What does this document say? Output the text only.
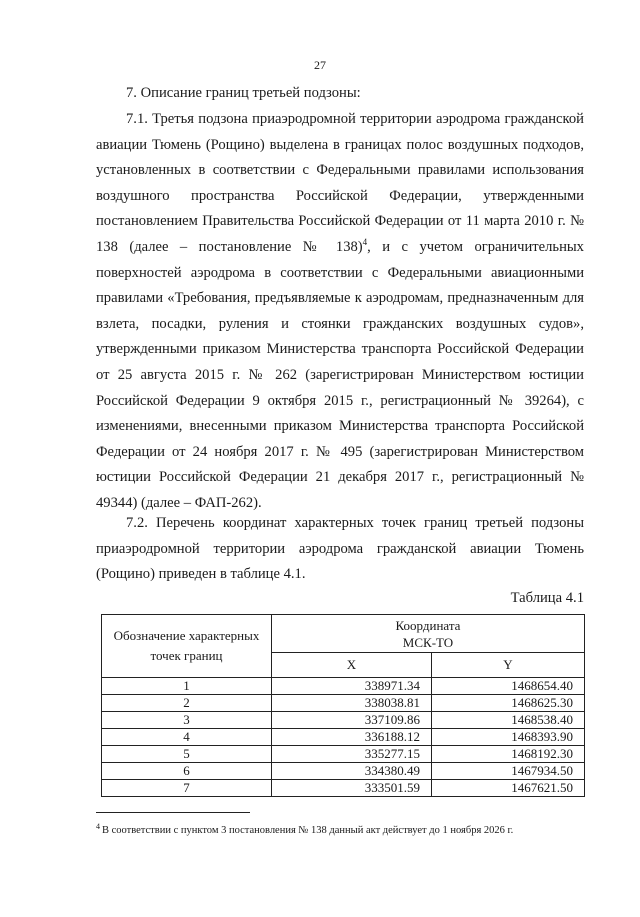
27
7. Описание границ третьей подзоны:
7.1. Третья подзона приаэродромной территории аэродрома гражданской авиации Тюмень (Рощино) выделена в границах полос воздушных подходов, установленных в соответствии с Федеральными правилами использования воздушного пространства Российской Федерации, утвержденными постановлением Правительства Российской Федерации от 11 марта 2010 г. № 138 (далее – постановление № 138)$^4$, и с учетом ограничительных поверхностей аэродрома в соответствии с Федеральными авиационными правилами «Требования, предъявляемые к аэродромам, предназначенным для взлета, посадки, руления и стоянки гражданских воздушных судов», утвержденными приказом Министерства транспорта Российской Федерации от 25 августа 2015 г. № 262 (зарегистрирован Министерством юстиции Российской Федерации 9 октября 2015 г., регистрационный № 39264), с изменениями, внесенными приказом Министерства транспорта Российской Федерации от 24 ноября 2017 г. № 495 (зарегистрирован Министерством юстиции Российской Федерации 21 декабря 2017 г., регистрационный № 49344) (далее – ФАП-262).
7.2. Перечень координат характерных точек границ третьей подзоны приаэродромной территории аэродрома гражданской авиации Тюмень (Рощино) приведен в таблице 4.1.
Таблица 4.1
Обозначение характерных точек границ	Координата
МСК-ТО	
	X	Y
1	338971.34	1468654.40
2	338038.81	1468625.30
3	337109.86	1468538.40
4	336188.12	1468393.90
5	335277.15	1468192.30
6	334380.49	1467934.50
7	333501.59	1467621.50
$^4$ В соответствии с пунктом 3 постановления № 138 данный акт действует до 1 ноября 2026 г.
